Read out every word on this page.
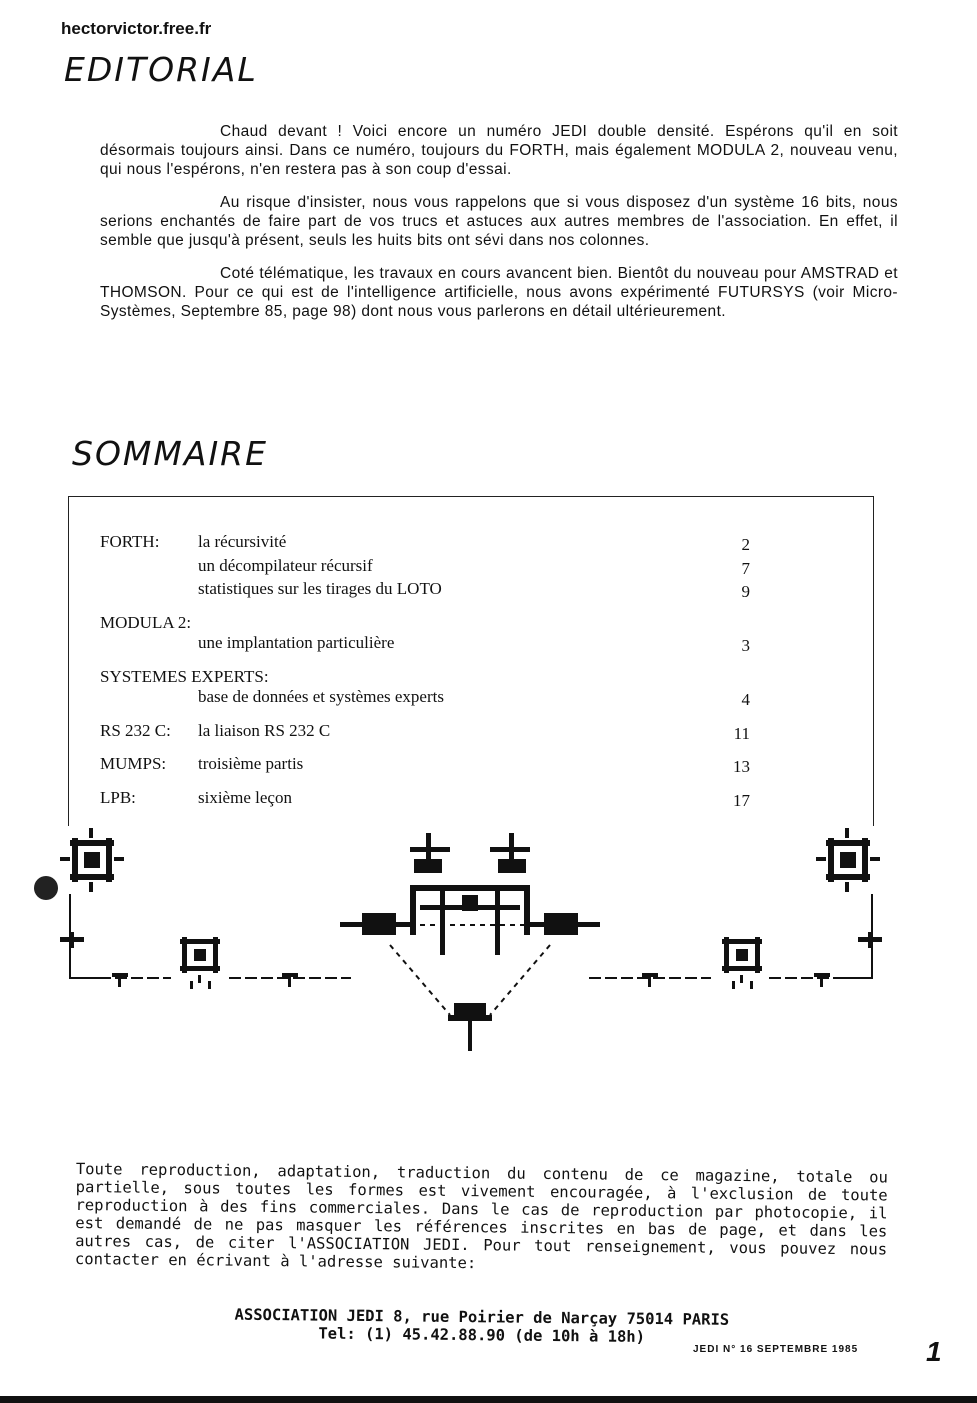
hectorvictor.free.fr
EDITORIAL

Chaud devant ! Voici encore un numéro JEDI double densité. Espérons qu'il en soit désormais toujours ainsi. Dans ce numéro, toujours du FORTH, mais également MODULA 2, nouveau venu, qui nous l'espérons, n'en restera pas à son coup d'essai.

Au risque d'insister, nous vous rappelons que si vous disposez d'un système 16 bits, nous serions enchantés de faire part de vos trucs et astuces aux autres membres de l'association. En effet, il semble que jusqu'à présent, seuls les huits bits ont sévi dans nos colonnes.

Coté télématique, les travaux en cours avancent bien. Bientôt du nouveau pour AMSTRAD et THOMSON. Pour ce qui est de l'intelligence artificielle, nous avons expérimenté FUTURSYS (voir Micro-Systèmes, Septembre 85, page 98) dont nous vous parlerons en détail ultérieurement.

SOMMAIRE
FORTH:	la récursivité	2
un décompilateur récursif	7
statistiques sur les tirages du LOTO	9
MODULA 2:
une implantation particulière	3
SYSTEMES EXPERTS:
base de données et systèmes experts	4
RS 232 C:	la liaison RS 232 C	11
MUMPS:	troisième partis	13
LPB:	sixième leçon	17
Toute reproduction, adaptation, traduction du contenu de ce magazine, totale ou partielle, sous toutes les formes est vivement encouragée, à l'exclusion de toute reproduction à des fins commerciales. Dans le cas de reproduction par photocopie, il est demandé de ne pas masquer les références inscrites en bas de page, et dans les autres cas, de citer l'ASSOCIATION JEDI. Pour tout renseignement, vous pouvez nous contacter en écrivant à l'adresse suivante:
ASSOCIATION JEDI 8, rue Poirier de Narçay 75014 PARIS
Tel: (1) 45.42.88.90 (de 10h à 18h)
JEDI N° 16 SEPTEMBRE 1985 1
